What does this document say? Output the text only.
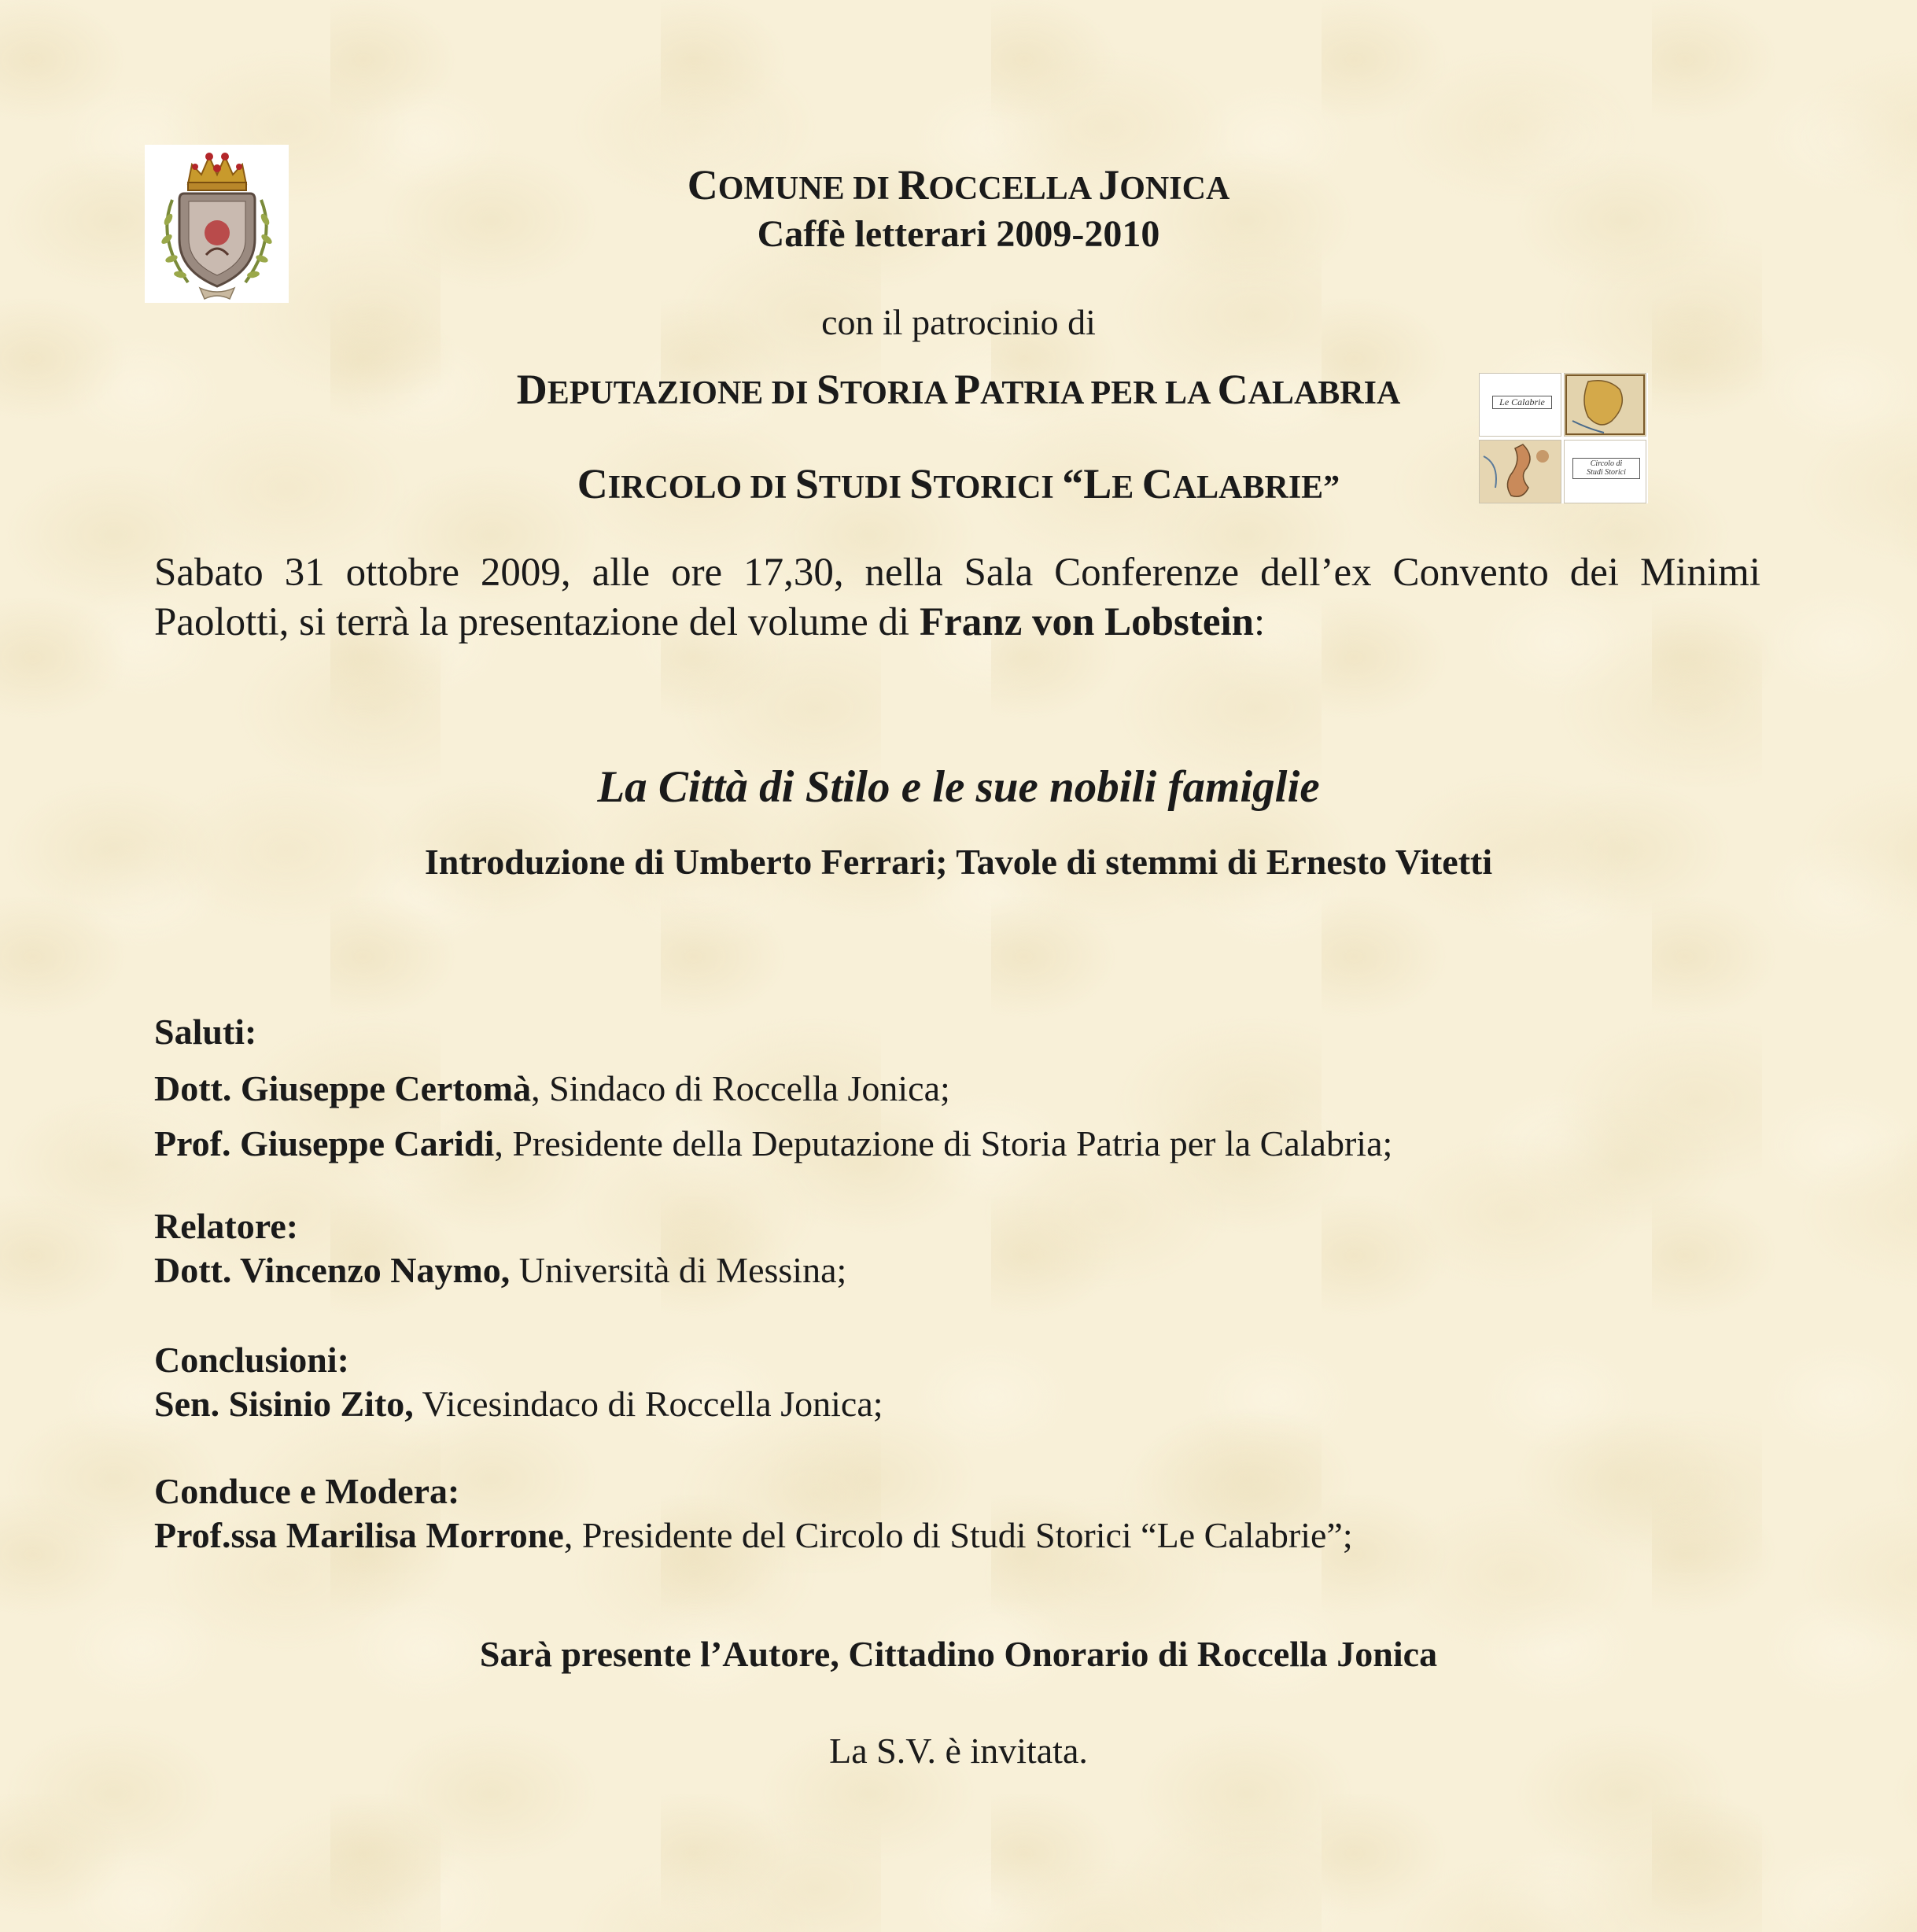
Le Calabrie
Circolo di
Studi Storici
COMUNE DI ROCCELLA JONICA
Caffè letterari 2009-2010
con il patrocinio di
DEPUTAZIONE DI STORIA PATRIA PER LA CALABRIA
CIRCOLO DI STUDI STORICI “LE CALABRIE”
Sabato 31 ottobre 2009, alle ore 17,30, nella Sala Conferenze dell’ex Convento dei Minimi Paolotti, si terrà la presentazione del volume di Franz von Lobstein:
La Città di Stilo e le sue nobili famiglie
Introduzione di Umberto Ferrari; Tavole di stemmi di Ernesto Vitetti
Saluti:
Dott. Giuseppe Certomà, Sindaco di Roccella Jonica;
Prof. Giuseppe Caridi, Presidente della Deputazione di Storia Patria per la Calabria;
Relatore:
Dott. Vincenzo Naymo, Università di Messina;
Conclusioni:
Sen. Sisinio Zito, Vicesindaco di Roccella Jonica;
Conduce e Modera:
Prof.ssa Marilisa Morrone, Presidente del Circolo di Studi Storici “Le Calabrie”;
Sarà presente l’Autore, Cittadino Onorario di Roccella Jonica
La S.V. è invitata.
